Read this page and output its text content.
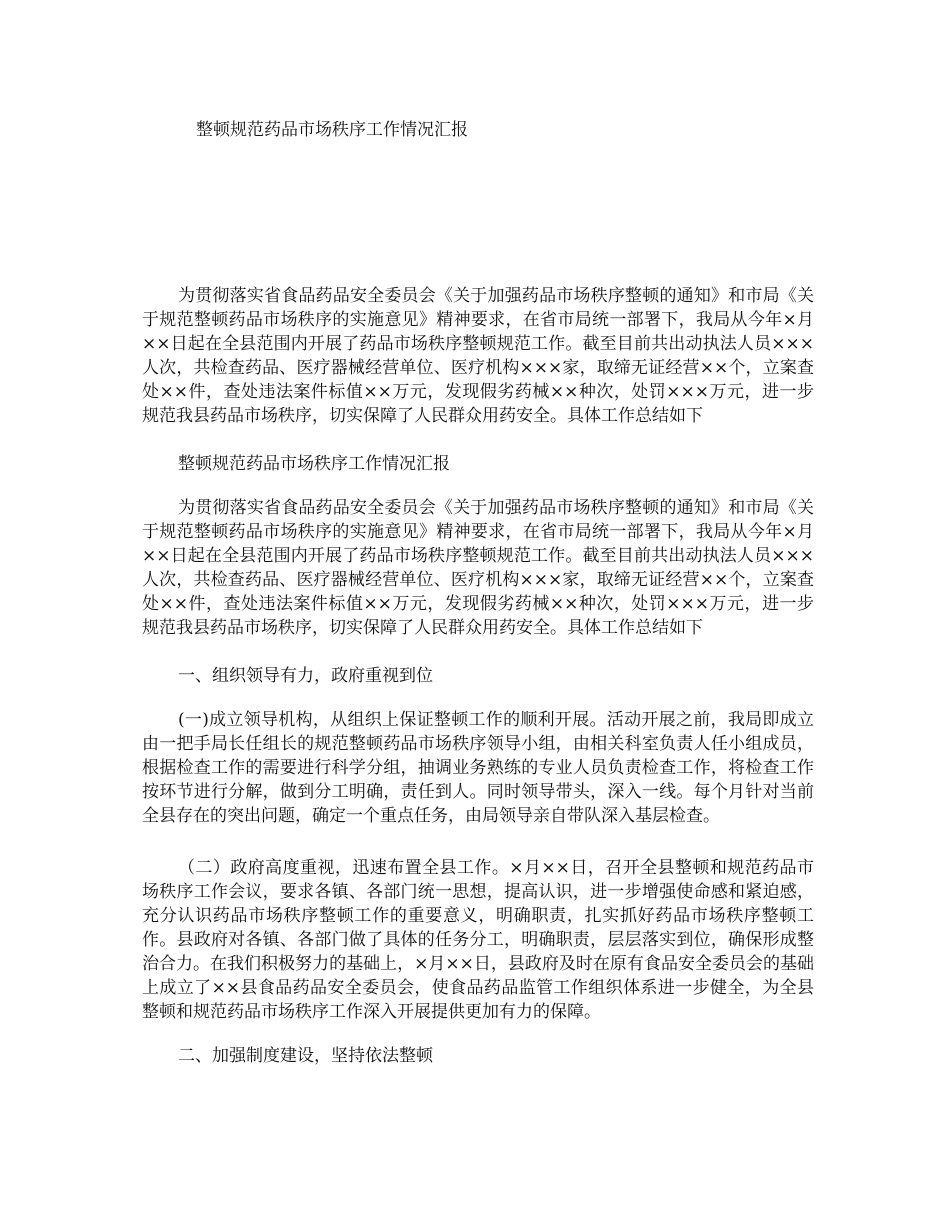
整顿规范药品市场秩序工作情况汇报

为贯彻落实省食品药品安全委员会《关于加强药品市场秩序整顿的通知》和市局《关于规范整顿药品市场秩序的实施意见》精神要求，在省市局统一部署下，我局从今年×月××日起在全县范围内开展了药品市场秩序整顿规范工作。截至目前共出动执法人员×××人次，共检查药品、医疗器械经营单位、医疗机构×××家，取缔无证经营××个，立案查处××件，查处违法案件标值××万元，发现假劣药械××种次，处罚×××万元，进一步规范我县药品市场秩序，切实保障了人民群众用药安全。具体工作总结如下

整顿规范药品市场秩序工作情况汇报

为贯彻落实省食品药品安全委员会《关于加强药品市场秩序整顿的通知》和市局《关于规范整顿药品市场秩序的实施意见》精神要求，在省市局统一部署下，我局从今年×月××日起在全县范围内开展了药品市场秩序整顿规范工作。截至目前共出动执法人员×××人次，共检查药品、医疗器械经营单位、医疗机构×××家，取缔无证经营××个，立案查处××件，查处违法案件标值××万元，发现假劣药械××种次，处罚×××万元，进一步规范我县药品市场秩序，切实保障了人民群众用药安全。具体工作总结如下

一、组织领导有力，政府重视到位

(一)成立领导机构，从组织上保证整顿工作的顺利开展。活动开展之前，我局即成立由一把手局长任组长的规范整顿药品市场秩序领导小组，由相关科室负责人任小组成员，根据检查工作的需要进行科学分组，抽调业务熟练的专业人员负责检查工作，将检查工作按环节进行分解，做到分工明确，责任到人。同时领导带头，深入一线。每个月针对当前全县存在的突出问题，确定一个重点任务，由局领导亲自带队深入基层检查。

（二）政府高度重视，迅速布置全县工作。×月××日，召开全县整顿和规范药品市场秩序工作会议，要求各镇、各部门统一思想，提高认识，进一步增强使命感和紧迫感，充分认识药品市场秩序整顿工作的重要意义，明确职责，扎实抓好药品市场秩序整顿工作。县政府对各镇、各部门做了具体的任务分工，明确职责，层层落实到位，确保形成整治合力。在我们积极努力的基础上，×月××日，县政府及时在原有食品安全委员会的基础上成立了××县食品药品安全委员会，使食品药品监管工作组织体系进一步健全，为全县整顿和规范药品市场秩序工作深入开展提供更加有力的保障。

二、加强制度建设，坚持依法整顿
